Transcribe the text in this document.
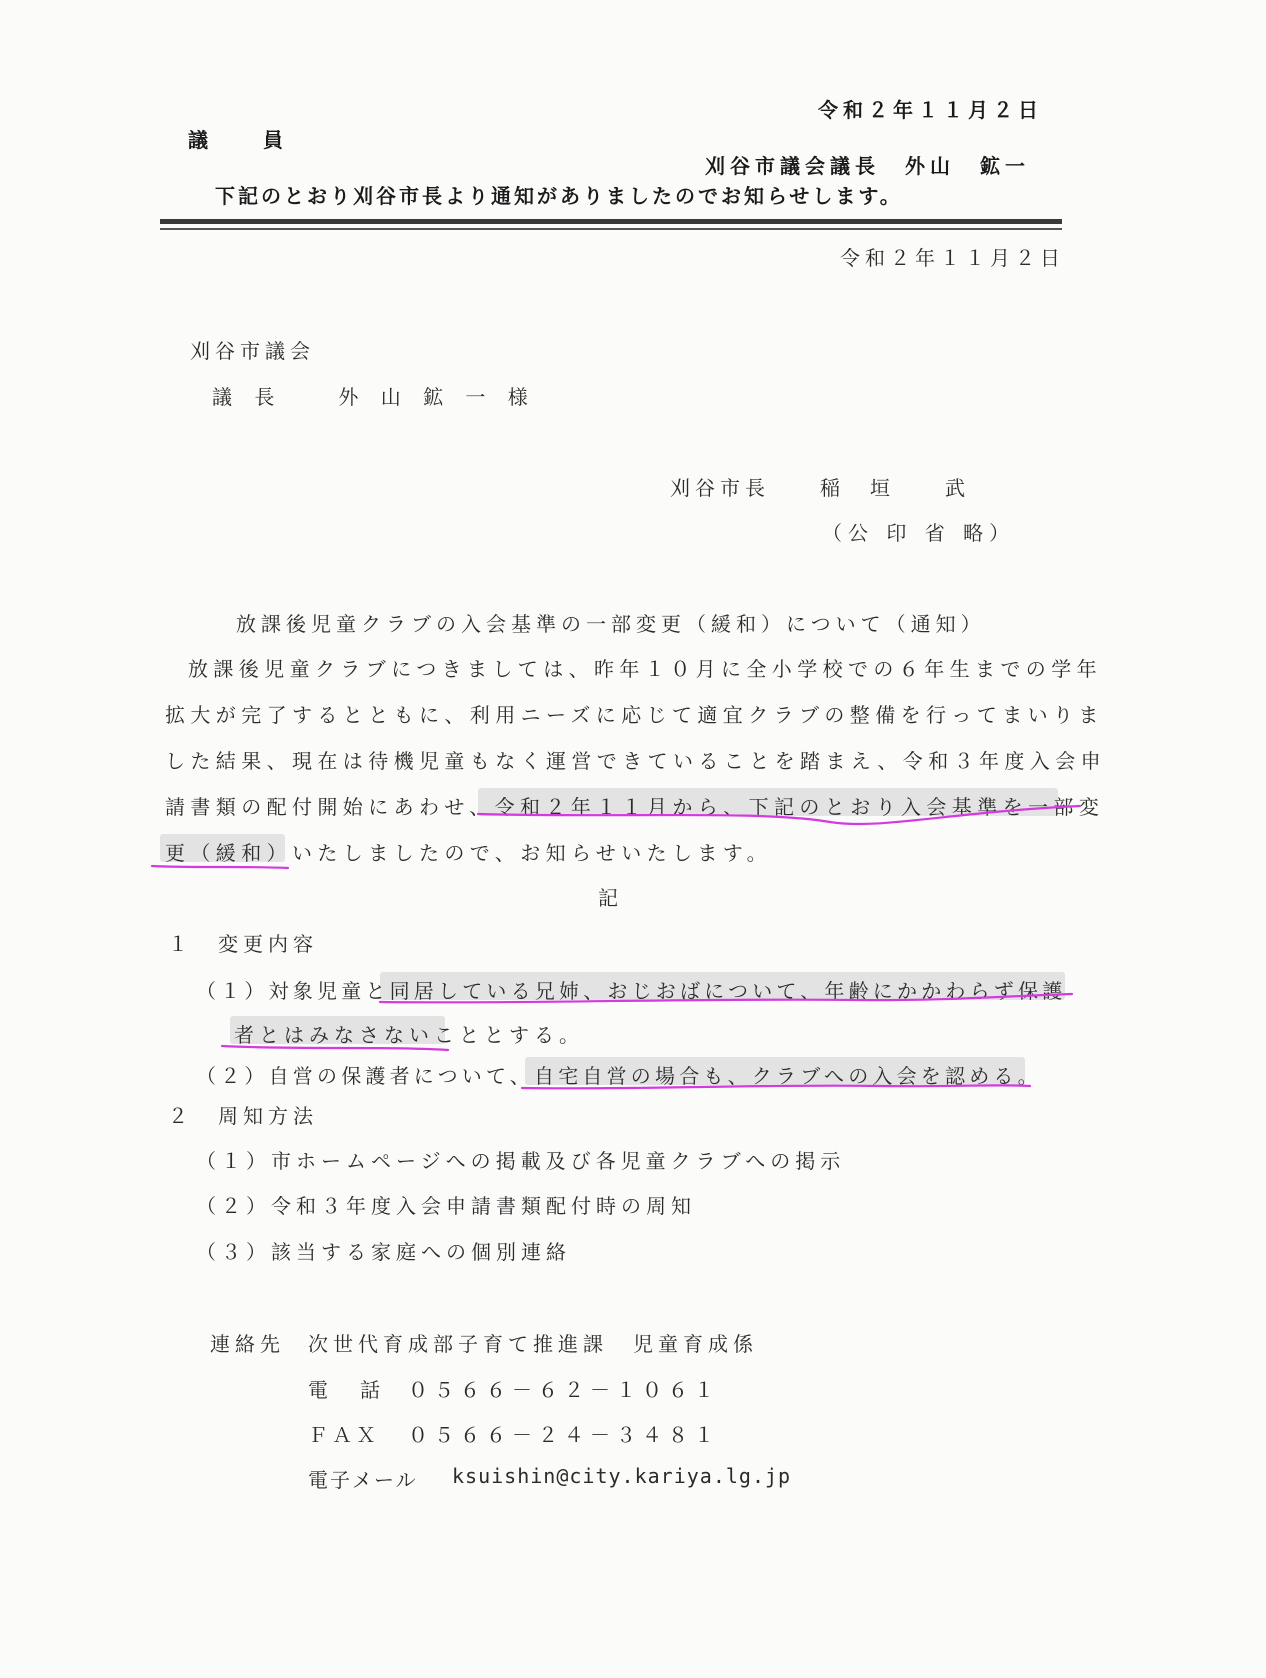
令和２年１１月２日
議　　員
刈谷市議会議長　外山　鉱一
下記のとおり刈谷市長より通知がありましたのでお知らせします。
令和２年１１月２日
刈谷市議会
議 長　　外 山 鉱 一 様
刈谷市長　　稲　垣　　武
（公 印 省 略）
放課後児童クラブの入会基準の一部変更（緩和）について（通知）
放課後児童クラブにつきましては、昨年１０月に全小学校での６年生までの学年
拡大が完了するとともに、利用ニーズに応じて適宜クラブの整備を行ってまいりま
した結果、現在は待機児童もなく運営できていることを踏まえ、令和３年度入会申
請書類の配付開始にあわせ、令和２年１１月から、下記のとおり入会基準を一部変
更（緩和）いたしましたので、お知らせいたします。
記
１　変更内容
（１）対象児童と同居している兄姉、おじおばについて、年齢にかかわらず保護
者とはみなさないこととする。
（２）自営の保護者について、自宅自営の場合も、クラブへの入会を認める。
２　周知方法
（１）市ホームページへの掲載及び各児童クラブへの掲示
（２）令和３年度入会申請書類配付時の周知
（３）該当する家庭への個別連絡
連絡先 次世代育成部子育て推進課　児童育成係
電　話 ０５６６－６２－１０６１
ＦＡＸ ０５６６－２４－３４８１
電子メール ksuishin@city.kariya.lg.jp
